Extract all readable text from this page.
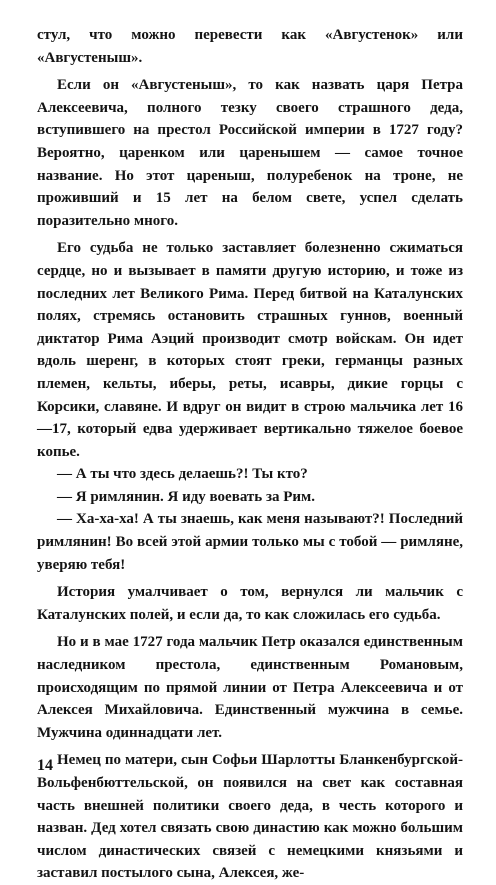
стул, что можно перевести как «Августенок» или «Августеныш».

Если он «Августеныш», то как назвать царя Петра Алексеевича, полного тезку своего страшного деда, вступившего на престол Российской империи в 1727 году? Вероятно, царенком или царенышем — самое точное название. Но этот цареныш, полуребенок на троне, не проживший и 15 лет на белом свете, успел сделать поразительно много.

Его судьба не только заставляет болезненно сжиматься сердце, но и вызывает в памяти другую историю, и тоже из последних лет Великого Рима. Перед битвой на Каталунских полях, стремясь остановить страшных гуннов, военный диктатор Рима Аэций производит смотр войскам. Он идет вдоль шеренг, в которых стоят греки, германцы разных племен, кельты, иберы, реты, исавры, дикие горцы с Корсики, славяне. И вдруг он видит в строю мальчика лет 16—17, который едва удерживает вертикально тяжелое боевое копье.

— А ты что здесь делаешь?! Ты кто?

— Я римлянин. Я иду воевать за Рим.

— Ха-ха-ха! А ты знаешь, как меня называют?! Последний римлянин! Во всей этой армии только мы с тобой — римляне, уверяю тебя!

История умалчивает о том, вернулся ли мальчик с Каталунских полей, и если да, то как сложилась его судьба.

Но и в мае 1727 года мальчик Петр оказался единственным наследником престола, единственным Романовым, происходящим по прямой линии от Петра Алексеевича и от Алексея Михайловича. Единственный мужчина в семье. Мужчина одиннадцати лет.

Немец по матери, сын Софьи Шарлотты Бланкенбургской-Вольфенбюттельской, он появился на свет как составная часть внешней политики своего деда, в честь которого и назван. Дед хотел связать свою династию как можно большим числом династических связей с немецкими князьями и заставил постылого сына, Алексея, же-

14
